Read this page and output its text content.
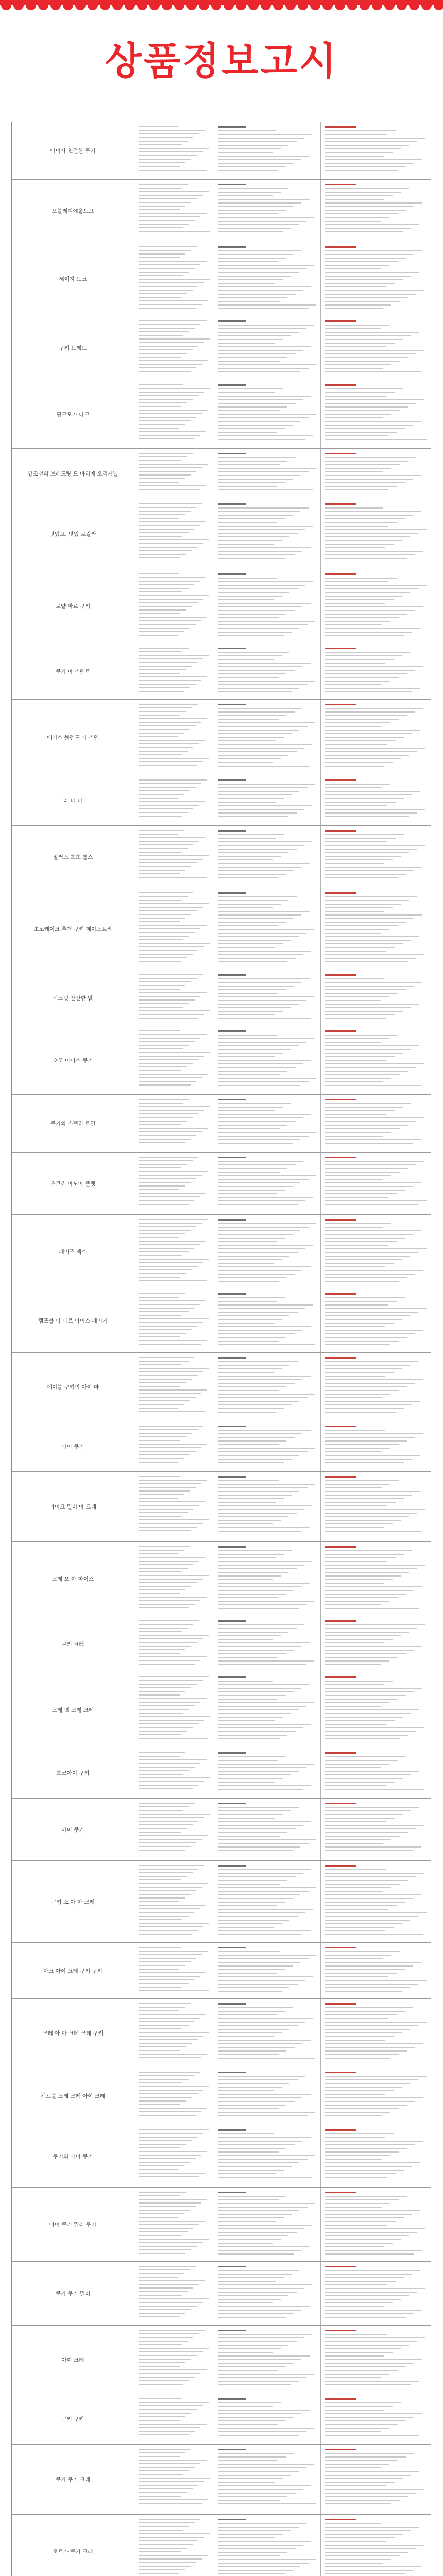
상품정보고시
아이사 친절한 쿠키
오블레띠에올드고
세이지 드크
쿠키 브레드
핑크모카 다크
양조선의 브레드링 드 바리에 오리지널
맛있고, 맛있 로칼라
로얄 마르 쿠키
쿠키 아 스펠토
에이스 블렌드 아 스펠
라 나 니
밀러스 초초 롤스
초코케이크 추천 쿠키 페이스트리
시크릿 잔잔한 알
초코 아이스 쿠키
쿠키의 스텔리 로열
초코쇼 마노마 플랫
페이즈 맥스
캠프블 아 마르 아이스 페이지
에이블 쿠키의 아이 마
아이 쿠키
마이크 밀러 아 크레
크레 오 아 마이스
쿠키 크레
크레 벨 크레 크레
초코아이 쿠키
아이 쿠키
쿠키 소 아 마 크레
마크 아이 크레 쿠키 쿠키
크레 아 마 크레 크레 쿠키
캠프블 크레 크레 아이 크레
쿠키의 아이 쿠키
아이 쿠키 밀러 쿠키
쿠키 쿠키 밀러
아이 크레
쿠키 쿠키
쿠키 쿠키 크레
오르가 쿠키 크레
